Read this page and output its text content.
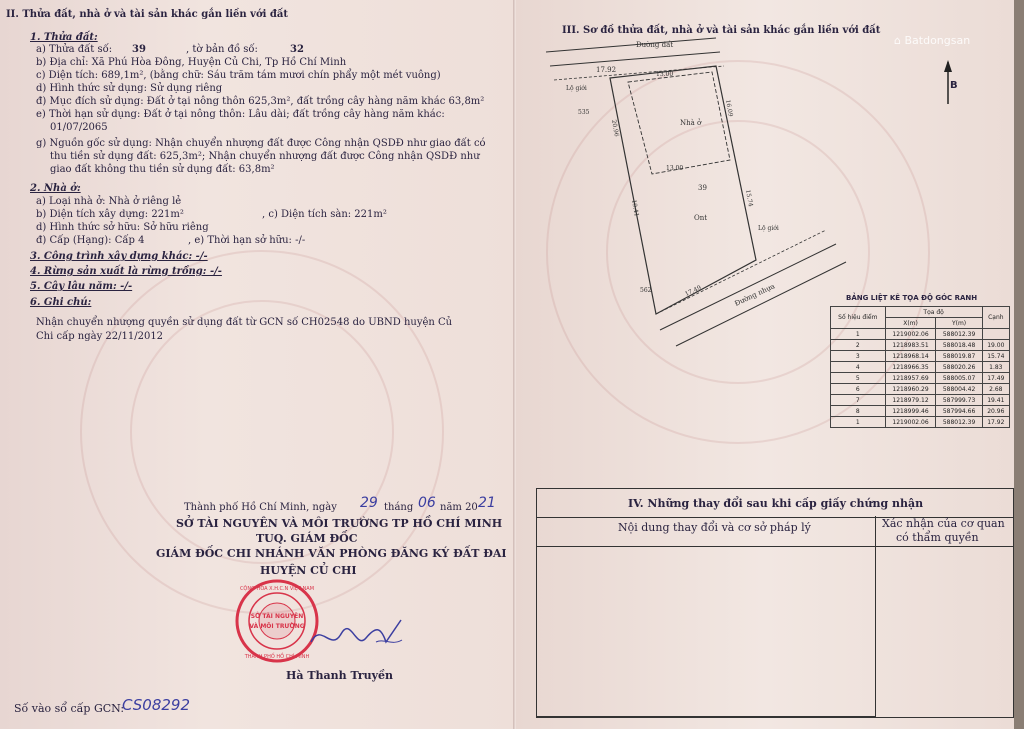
II. Thửa đất, nhà ở và tài sản khác gắn liền với đất
1. Thửa đất:
a) Thửa đất số: 39	, tờ bản đồ số:	32
b) Địa chỉ: Xã Phú Hòa Đông, Huyện Củ Chi, Tp Hồ Chí Minh
c) Diện tích: 689,1m², (bằng chữ: Sáu trăm tám mươi chín phẩy một mét vuông)
d) Hình thức sử dụng: Sử dụng riêng
đ) Mục đích sử dụng: Đất ở tại nông thôn 625,3m², đất trồng cây hàng năm khác 63,8m²
e) Thời hạn sử dụng: Đất ở tại nông thôn: Lâu dài; đất trồng cây hàng năm khác:
01/07/2065
g) Nguồn gốc sử dụng: Nhận chuyển nhượng đất được Công nhận QSDĐ như giao đất có
thu tiền sử dụng đất: 625,3m²; Nhận chuyển nhượng đất được Công nhận QSDĐ như
giao đất không thu tiền sử dụng đất: 63,8m²
2. Nhà ở:
a) Loại nhà ở: Nhà ở riêng lẻ
b) Diện tích xây dựng: 221m²	, c) Diện tích sàn: 221m²
d) Hình thức sở hữu: Sở hữu riêng
đ) Cấp (Hạng): Cấp 4	, e) Thời hạn sở hữu: -/-
3. Công trình xây dựng khác: -/-
4. Rừng sản xuất là rừng trồng: -/-
5. Cây lâu năm: -/-
6. Ghi chú:
Nhận chuyển nhượng quyền sử dụng đất từ GCN số CH02548 do UBND huyện Củ
Chi cấp ngày 22/11/2012
Thành phố Hồ Chí Minh, ngày 29 tháng 06 năm 20 21
SỞ TÀI NGUYÊN VÀ MÔI TRƯỜNG TP HỒ CHÍ MINH
TUQ. GIÁM ĐỐC
GIÁM ĐỐC CHI NHÁNH VĂN PHÒNG ĐĂNG KÝ ĐẤT ĐAI
HUYỆN CỦ CHI
SỞ TÀI NGUYÊN
VÀ MÔI TRƯỜNG
CỘNG HÒA X.H.C.N VIỆT NAM
THÀNH PHỐ HỒ CHÍ MINH
Hà Thanh Truyền
Số vào sổ cấp GCN:
CS08292
III. Sơ đồ thửa đất, nhà ở và tài sản khác gắn liền với đất
⌂ Batdongsan
Đường đất
17.92
Lộ giới
535
13.00
13.00
Nhà ở
39
Ont
16.09
15.74
19.41
20.96
17.49
562
Lộ giới
Đường nhựa
B
BẢNG LIỆT KÊ TỌA ĐỘ GÓC RANH
IV. Những thay đổi sau khi cấp giấy chứng nhận
Nội dung thay đổi và cơ sở pháp lý	Xác nhận của cơ quan
có thẩm quyền
Số hiệu điểm	Tọa độ		Cạnh
	X(m)	Y(m)	
1	1219002.06	588012.39	
2	1218983.51	588018.48	19.00
3	1218968.14	588019.87	15.74
4	1218966.35	588020.26	1.83
5	1218957.69	588005.07	17.49
6	1218960.29	588004.42	2.68
7	1218979.12	587999.73	19.41
8	1218999.46	587994.66	20.96
1	1219002.06	588012.39	17.92
